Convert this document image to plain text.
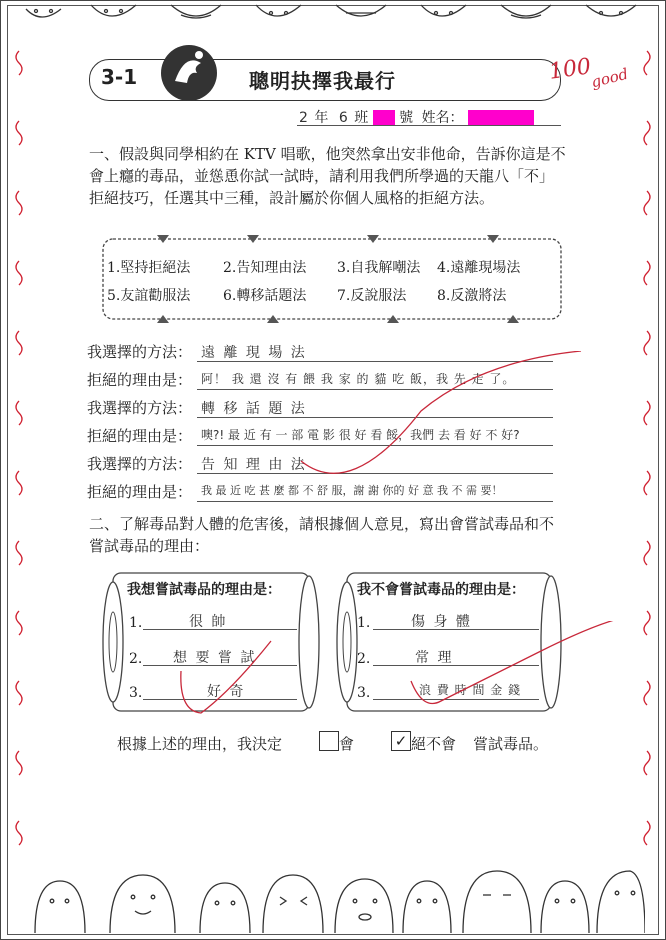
3-1	聰明抉擇我最行	100
good
2 年 6 班 號 姓名：
一、假設與同學相約在 KTV 唱歌，他突然拿出安非他命，告訴你這是不會上癮的毒品，並慫恿你試一試時，請利用我們所學過的天龍八「不」拒絕技巧，任選其中三種，設計屬於你個人風格的拒絕方法。
1.堅持拒絕法 2.告知理由法 3.自我解嘲法 4.遠離現場法
5.友誼勸服法 6.轉移話題法 7.反說服法 8.反激將法
我選擇的方法： 遠 離 現 場 法
拒絕的理由是： 阿！ 我 還 沒 有 餵 我 家 的 貓 吃 飯，我 先 走 了。
我選擇的方法： 轉 移 話 題 法
拒絕的理由是： 噢?! 最 近 有 一 部 電 影 很 好 看 餒，我們 去 看 好 不 好?
我選擇的方法： 告 知 理 由 法
拒絕的理由是： 我 最 近 吃 甚 麼 都 不 舒 服，謝 謝 你的 好 意 我 不 需 要！
二、了解毒品對人體的危害後，請根據個人意見，寫出會嘗試毒品和不嘗試毒品的理由：
我想嘗試毒品的理由是：
1.	很 帥
2. 想 要 嘗 試
3.	好 奇
我不會嘗試毒品的理由是：
1.	傷 身 體
2.	常 理
3.	浪 費 時 間 金 錢
根據上述的理由，我決定	會	✓ 絕不會 嘗試毒品。
